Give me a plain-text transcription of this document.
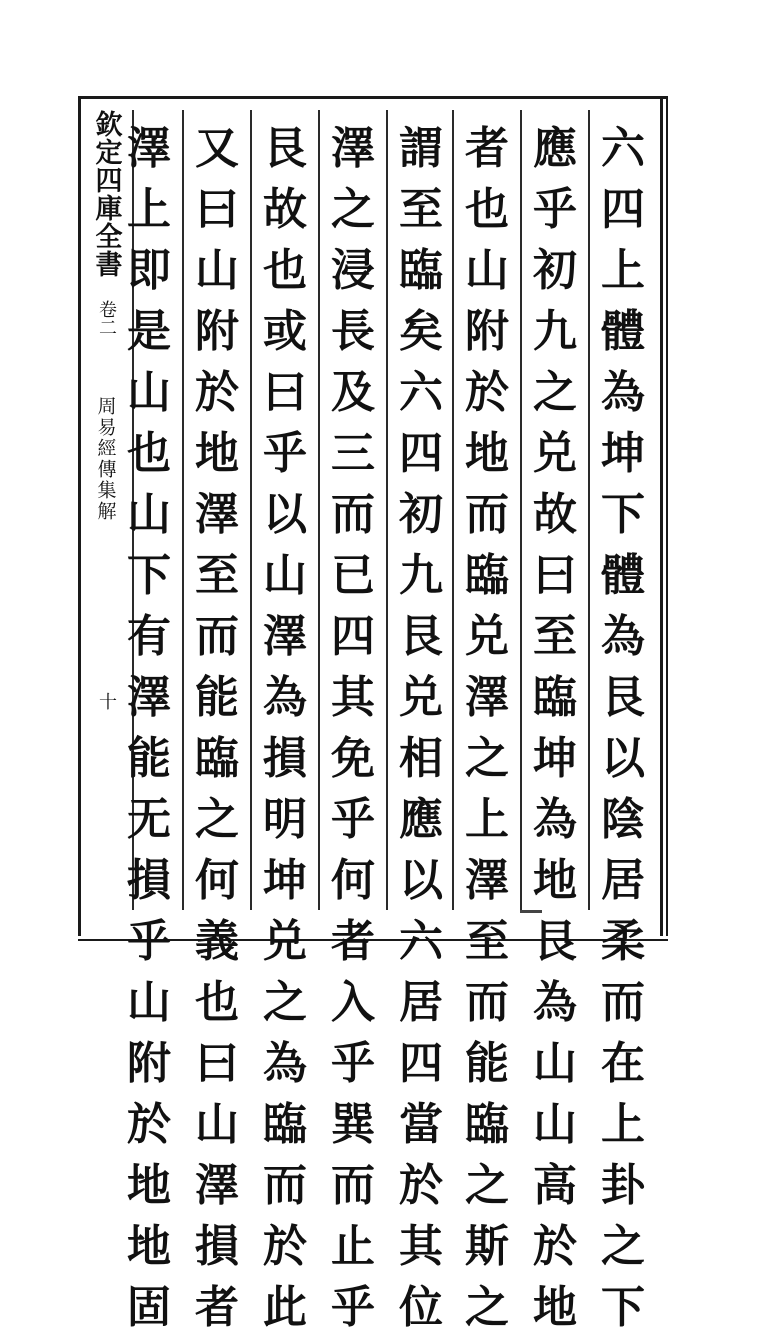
欽定四庫全書
卷二
周易經傳集解
十
六
四
上
體
為
坤
下
體
為
艮
以
陰
居
柔
而
在
上
卦
之
下
應
乎
初
九
之
兑
故
曰
至
臨
坤
為
地
艮
為
山
山
高
於
地
者
也
山
附
於
地
而
臨
兑
澤
之
上
澤
至
而
能
臨
之
斯
之
謂
至
臨
矣
六
四
初
九
艮
兑
相
應
以
六
居
四
當
於
其
位
澤
之
浸
長
及
三
而
已
四
其
免
乎
何
者
入
乎
巽
而
止
乎
艮
故
也
或
曰
乎
以
山
澤
為
損
明
坤
兑
之
為
臨
而
於
此
又
曰
山
附
於
地
澤
至
而
能
臨
之
何
義
也
曰
山
澤
損
者
澤
上
即
是
山
也
山
下
有
澤
能
无
損
乎
山
附
於
地
地
固
